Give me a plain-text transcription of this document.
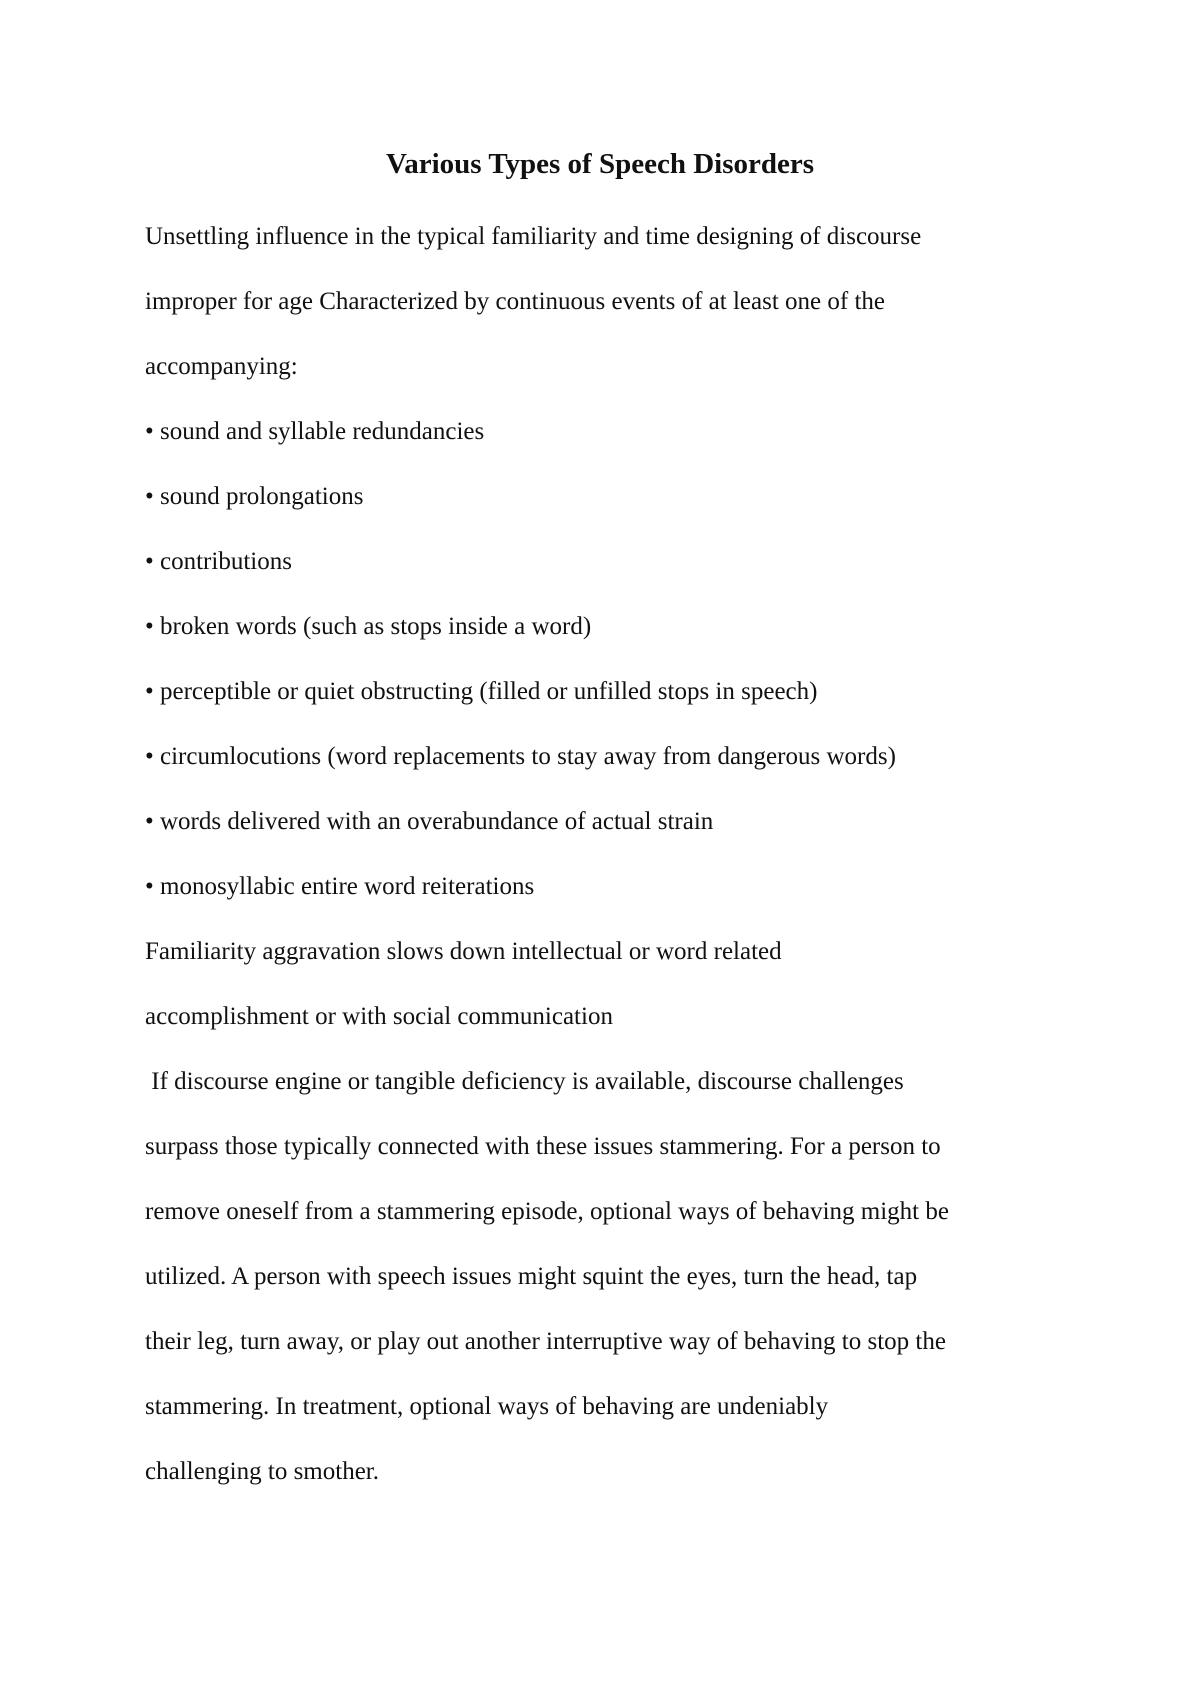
Various Types of Speech Disorders

Unsettling influence in the typical familiarity and time designing of discourse

improper for age Characterized by continuous events of at least one of the

accompanying:

• sound and syllable redundancies

• sound prolongations

• contributions

• broken words (such as stops inside a word)

• perceptible or quiet obstructing (filled or unfilled stops in speech)

• circumlocutions (word replacements to stay away from dangerous words)

• words delivered with an overabundance of actual strain

• monosyllabic entire word reiterations

Familiarity aggravation slows down intellectual or word related

accomplishment or with social communication

If discourse engine or tangible deficiency is available, discourse challenges

surpass those typically connected with these issues stammering. For a person to

remove oneself from a stammering episode, optional ways of behaving might be

utilized. A person with speech issues might squint the eyes, turn the head, tap

their leg, turn away, or play out another interruptive way of behaving to stop the

stammering. In treatment, optional ways of behaving are undeniably

challenging to smother.
